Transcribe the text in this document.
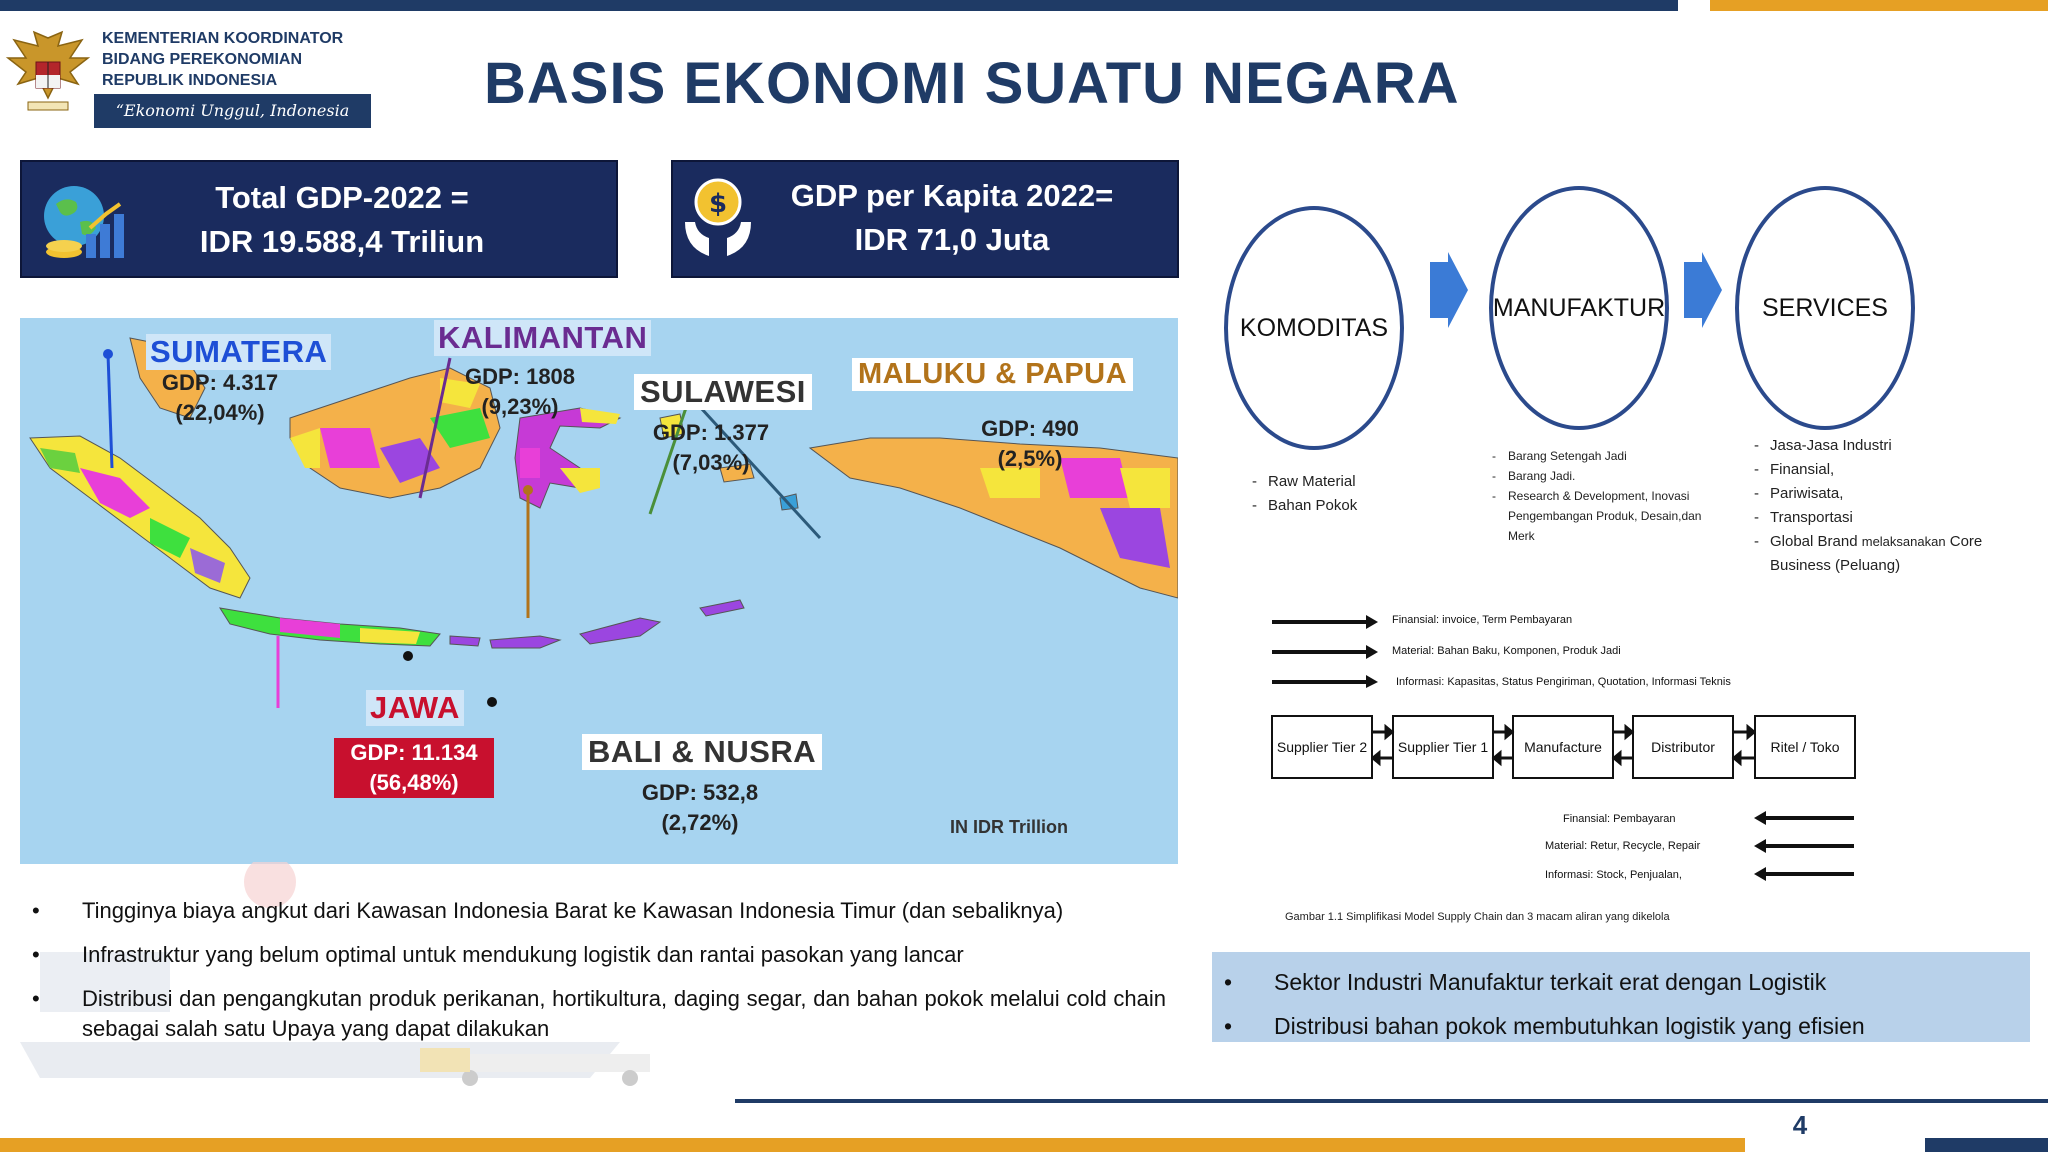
KEMENTERIAN KOORDINATOR
BIDANG PEREKONOMIAN
REPUBLIK INDONESIA
“Ekonomi Unggul, Indonesia Maju”
BASIS EKONOMI SUATU NEGARA
Total GDP-2022 =
IDR 19.588,4 Triliun
$	GDP per Kapita 2022=
IDR 71,0 Juta
SUMATERA
GDP: 4.317
(22,04%)
KALIMANTAN
GDP: 1808
(9,23%)	SULAWESI
GDP: 1.377
(7,03%)
MALUKU & PAPUA
GDP: 490
(2,5%)
JAWA
GDP: 11.134
(56,48%)
BALI & NUSRA
GDP: 532,8
(2,72%)	IN IDR Trillion
• Tingginya biaya angkut dari Kawasan Indonesia Barat ke Kawasan Indonesia Timur (dan sebaliknya)
• Infrastruktur yang belum optimal untuk mendukung logistik dan rantai pasokan yang lancar
• Distribusi dan pengangkutan produk perikanan, hortikultura, daging segar, dan bahan pokok melalui cold chain sebagai salah satu Upaya yang dapat dilakukan
KOMODITAS
MANUFAKTUR	SERVICES
- Raw Material
- Bahan Pokok
- Barang Setengah Jadi
- Barang Jadi.
- Research & Development, Inovasi Pengembangan Produk, Desain,dan Merk
- Jasa-Jasa Industri
- Finansial,
- Pariwisata,
- Transportasi
- Global Brand melaksanakan Core Business (Peluang)
Finansial: invoice, Term Pembayaran
Material: Bahan Baku, Komponen, Produk Jadi
Informasi: Kapasitas, Status Pengiriman, Quotation, Informasi Teknis
Supplier Tier 2	Supplier Tier 1	Manufacture	Distributor	Ritel / Toko
Finansial: Pembayaran
Material: Retur, Recycle, Repair
Informasi: Stock, Penjualan,
Gambar 1.1 Simplifikasi Model Supply Chain dan 3 macam aliran yang dikelola
• Sektor Industri Manufaktur terkait erat dengan Logistik
• Distribusi bahan pokok membutuhkan logistik yang efisien
4
